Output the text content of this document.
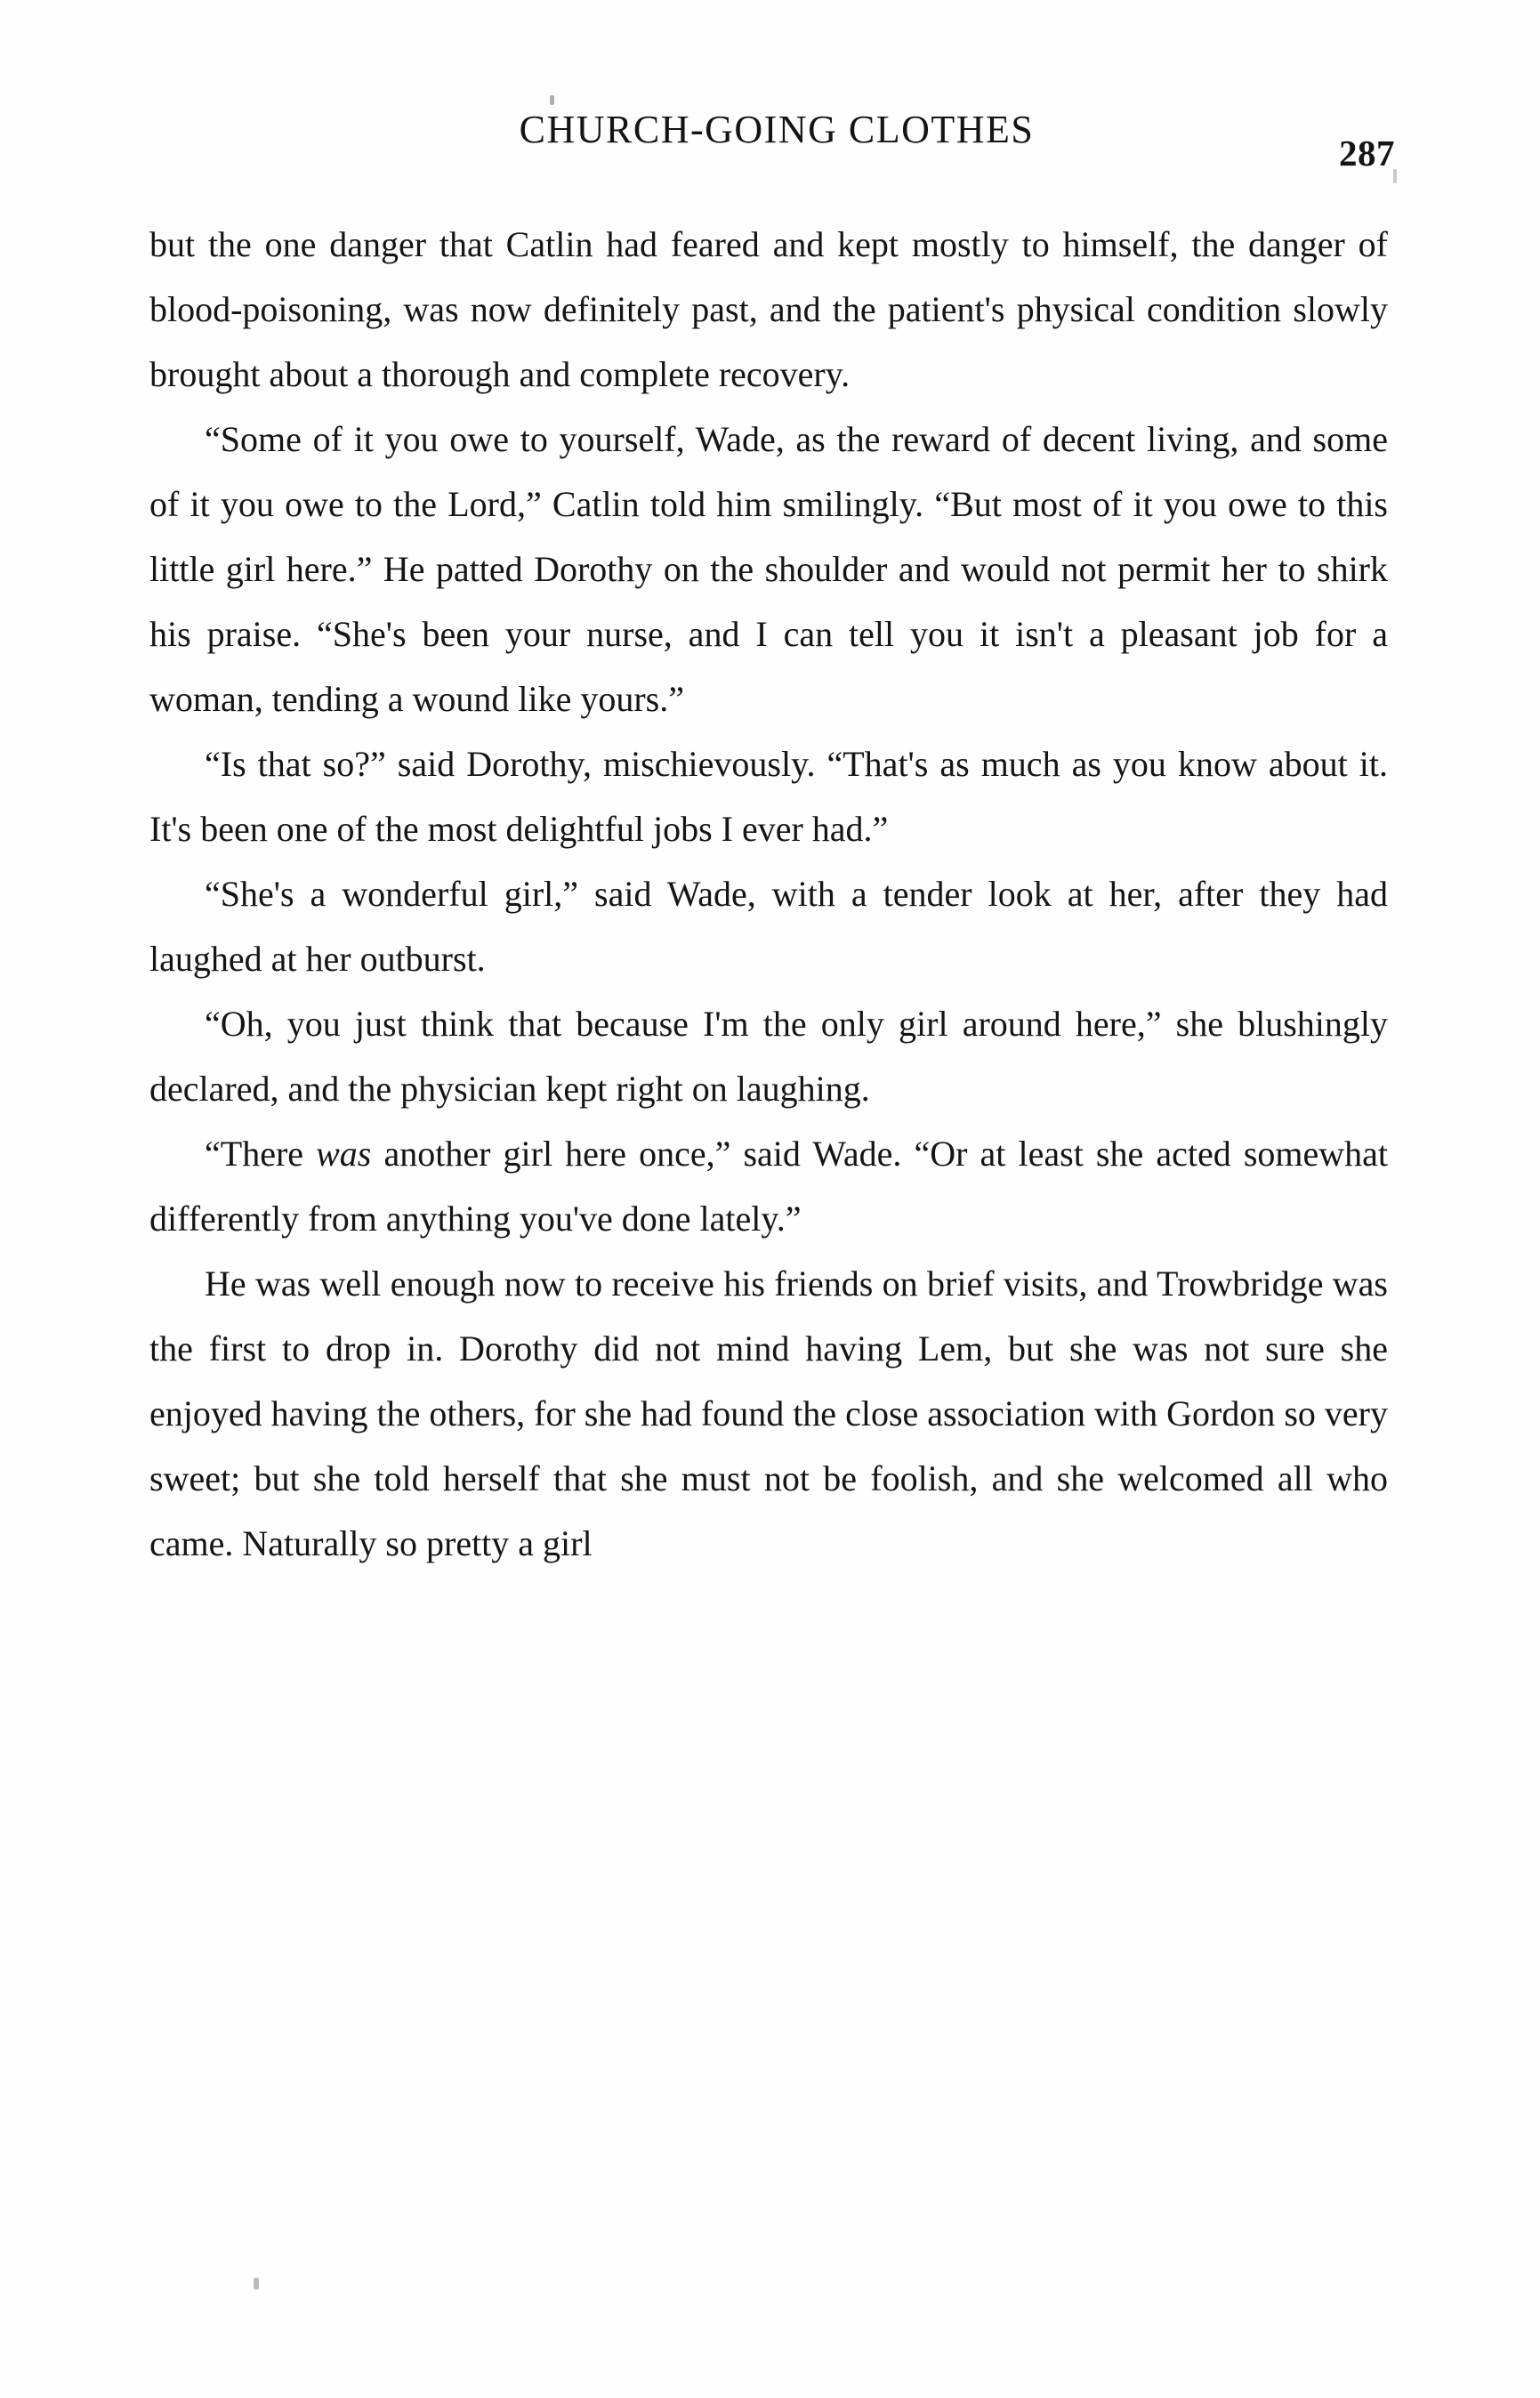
CHURCH-GOING CLOTHES
287

but the one danger that Catlin had feared and kept mostly to himself, the danger of blood-poisoning, was now definitely past, and the patient's physical condition slowly brought about a thorough and complete recovery.

“Some of it you owe to yourself, Wade, as the reward of decent living, and some of it you owe to the Lord,” Catlin told him smilingly. “But most of it you owe to this little girl here.” He patted Dorothy on the shoulder and would not permit her to shirk his praise. “She's been your nurse, and I can tell you it isn't a pleasant job for a woman, tending a wound like yours.”

“Is that so?” said Dorothy, mischievously. “That's as much as you know about it. It's been one of the most delightful jobs I ever had.”

“She's a wonderful girl,” said Wade, with a tender look at her, after they had laughed at her outburst.

“Oh, you just think that because I'm the only girl around here,” she blushingly declared, and the physician kept right on laughing.

“There was another girl here once,” said Wade. “Or at least she acted somewhat differently from anything you've done lately.”

He was well enough now to receive his friends on brief visits, and Trowbridge was the first to drop in. Dorothy did not mind having Lem, but she was not sure she enjoyed having the others, for she had found the close association with Gordon so very sweet; but she told herself that she must not be foolish, and she welcomed all who came. Naturally so pretty a girl
